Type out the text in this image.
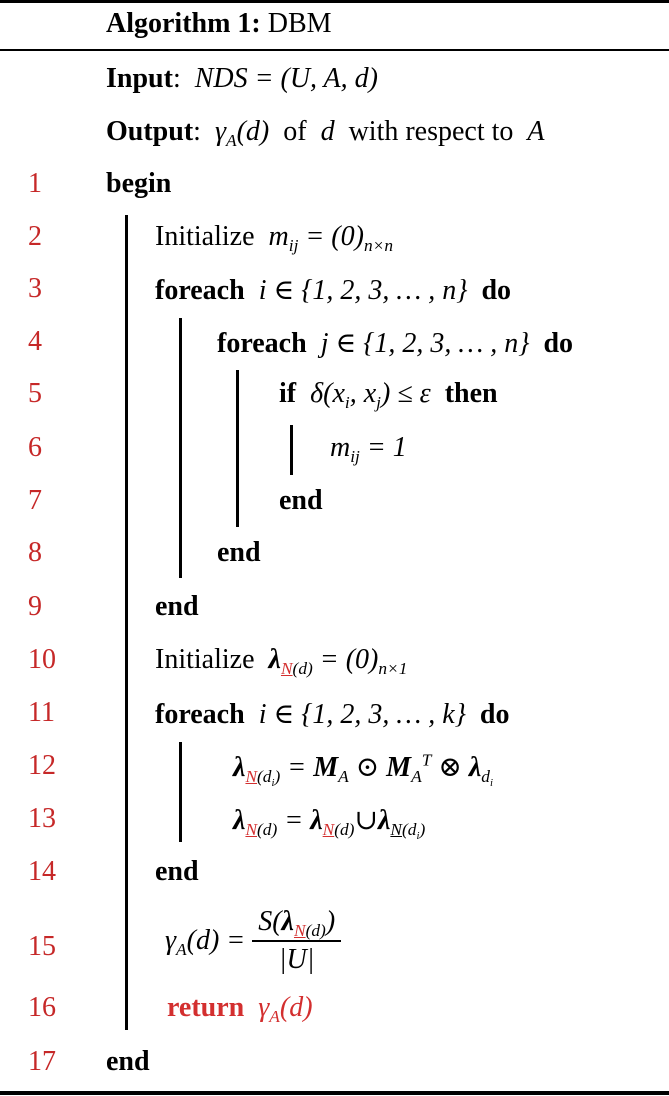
Algorithm 1: DBM
Input:  NDS = (U, A, d)
Output:  $\gamma_A(d)$ of d with respect to A
1
2
3
4
5
6
7
8
9
10
11
12
13
14
15
16
17
begin
Initialize $m_{ij} = (0)_{n\times n}$
foreach i ∈ {1, 2, 3, … , n} do
foreach j ∈ {1, 2, 3, … , n} do
if $\delta(x_i$, $x_j) \le \varepsilon$ then
$m_{ij} = 1$
end
end
end
Initialize $\lambda_{N(d)} = (0)_{n\times 1}$
foreach i ∈ {1, 2, 3, … , k} do
$\lambda_{N(d_i)} = M_A$ ⊙ $M_A^T$ ⊗ $\lambda_{d_i}$
$\lambda_{N(d)}$ = $\lambda_{N(d)}\cup\lambda_{N(d_i)}$
end
$\gamma_A(d) = \frac{S(\lambda_{N(d)})}{|U|}$
return $\gamma_A(d)$
end
